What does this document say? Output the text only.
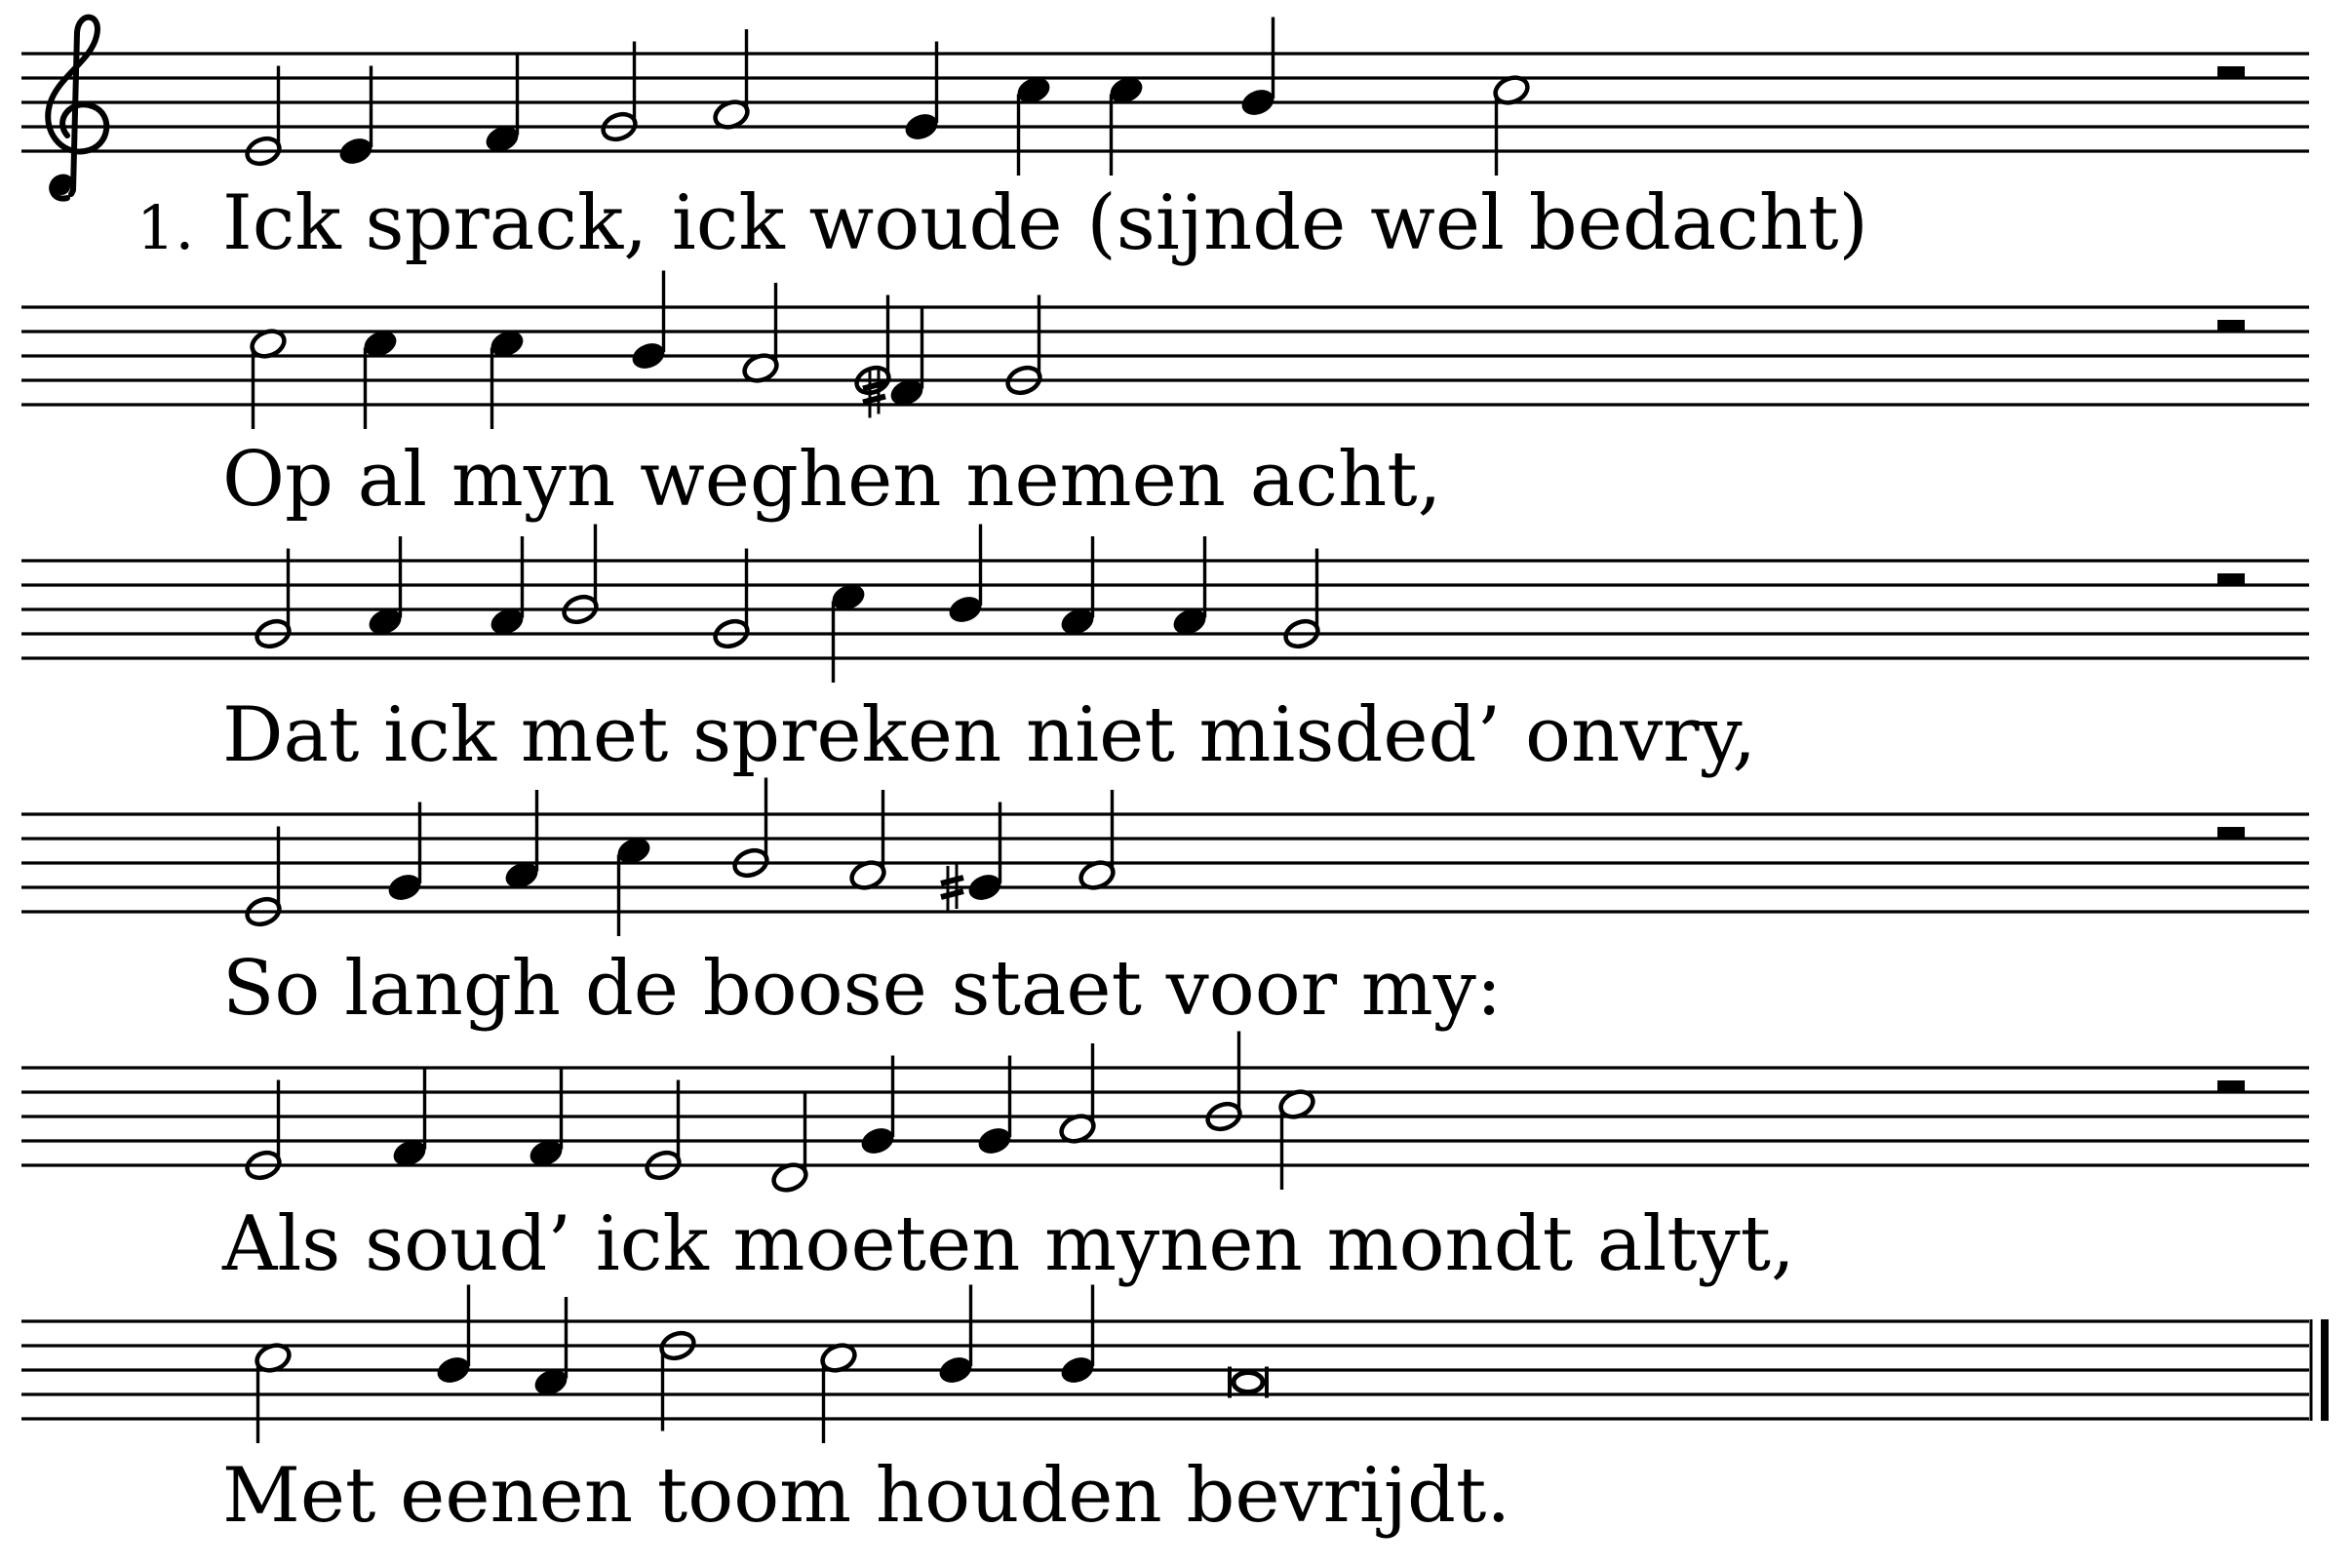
Ick sprack, ick woude (sijnde wel bedacht)
1.
Op al myn weghen nemen acht,
Dat ick met spreken niet misded’ onvry,
So langh de boose staet voor my:
Als soud’ ick moeten mynen mondt altyt,
Met eenen toom houden bevrijdt.
